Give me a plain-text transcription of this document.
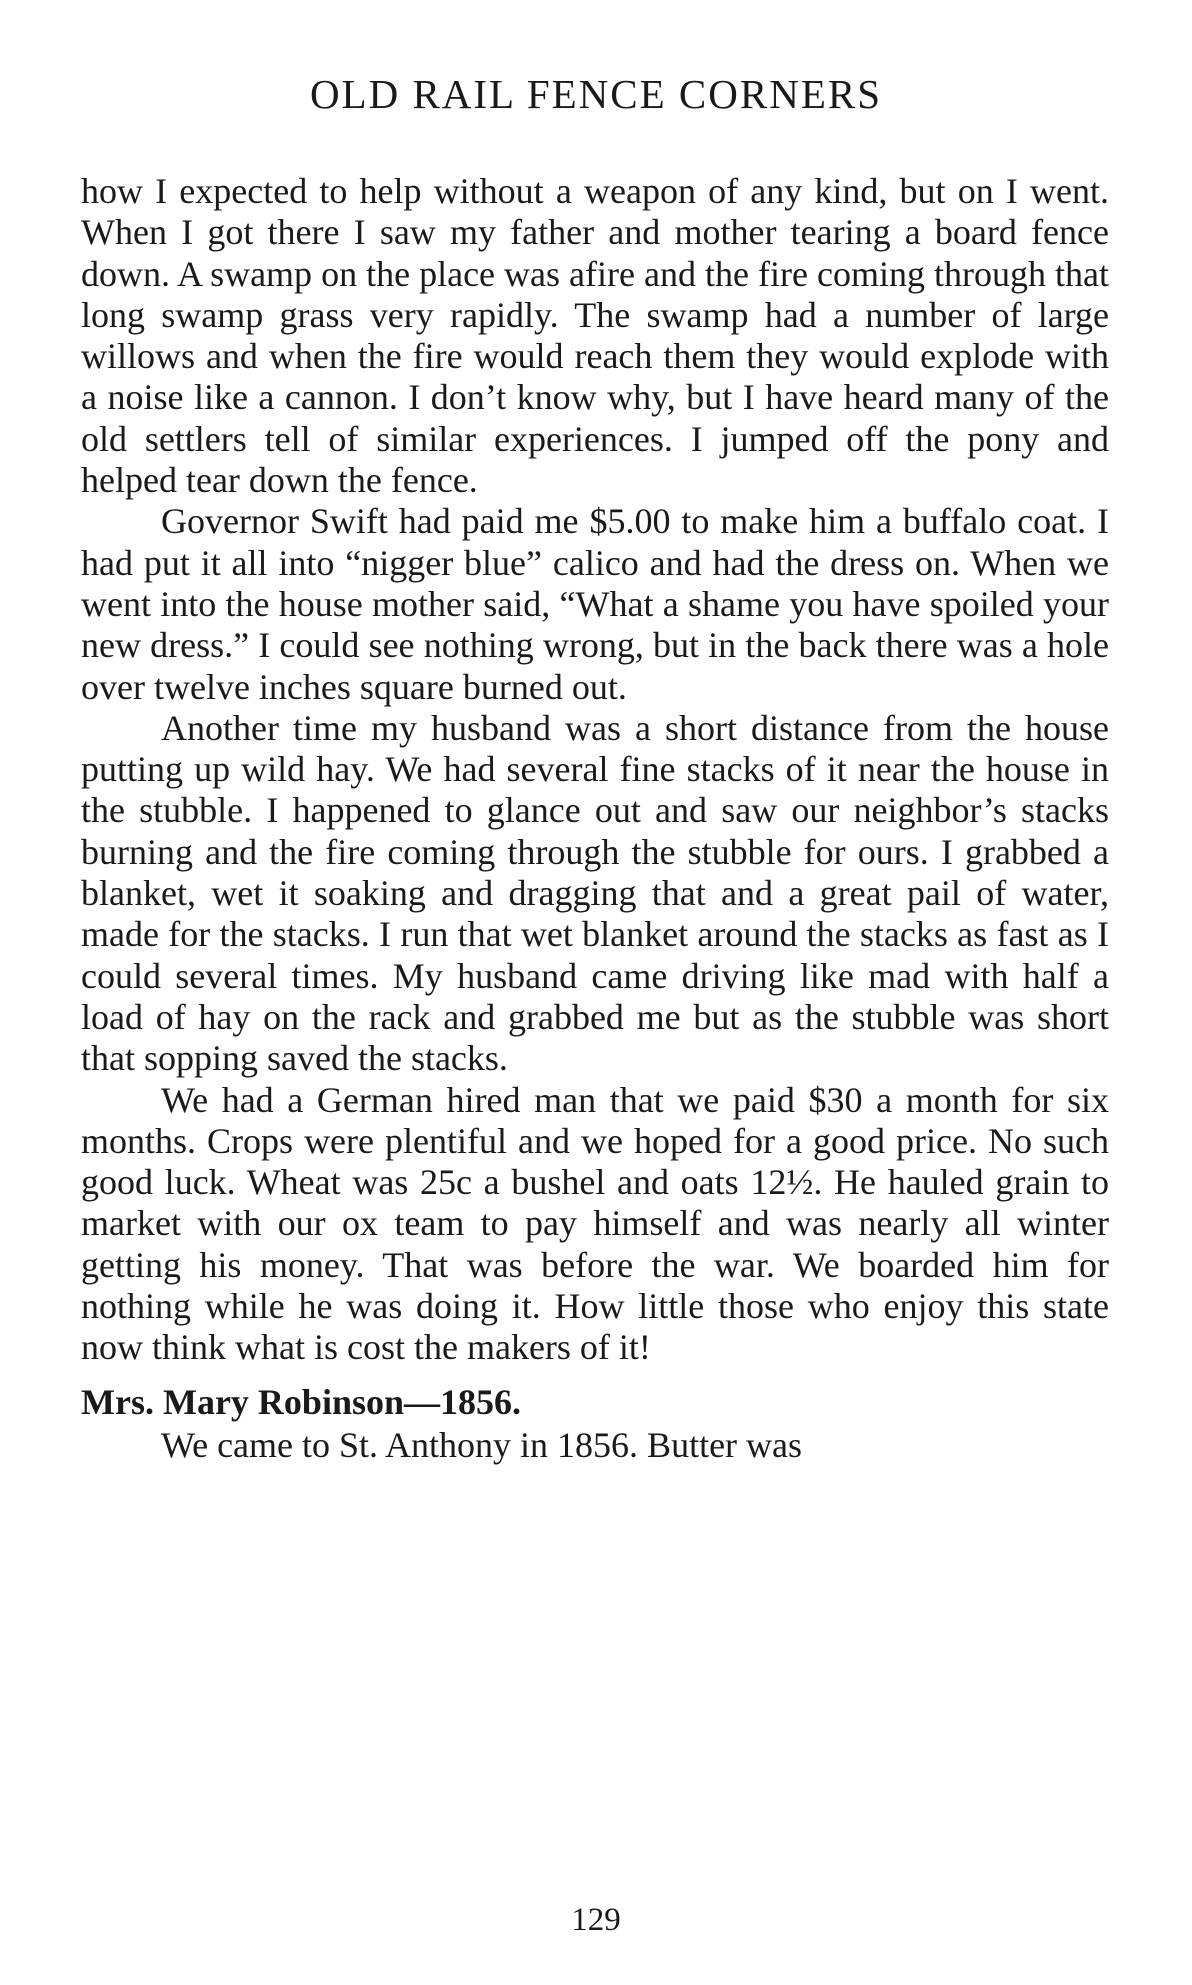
OLD RAIL FENCE CORNERS

how I expected to help without a weapon of any kind, but on I went. When I got there I saw my father and mother tearing a board fence down. A swamp on the place was afire and the fire coming through that long swamp grass very rapidly. The swamp had a number of large willows and when the fire would reach them they would explode with a noise like a cannon. I don’t know why, but I have heard many of the old settlers tell of similar experiences. I jumped off the pony and helped tear down the fence.

Governor Swift had paid me $5.00 to make him a buffalo coat. I had put it all into “nigger blue” calico and had the dress on. When we went into the house mother said, “What a shame you have spoiled your new dress.” I could see nothing wrong, but in the back there was a hole over twelve inches square burned out.

Another time my husband was a short distance from the house putting up wild hay. We had several fine stacks of it near the house in the stubble. I happened to glance out and saw our neighbor’s stacks burning and the fire coming through the stubble for ours. I grabbed a blanket, wet it soaking and dragging that and a great pail of water, made for the stacks. I run that wet blanket around the stacks as fast as I could several times. My husband came driving like mad with half a load of hay on the rack and grabbed me but as the stubble was short that sopping saved the stacks.

We had a German hired man that we paid $30 a month for six months. Crops were plentiful and we hoped for a good price. No such good luck. Wheat was 25c a bushel and oats 12½. He hauled grain to market with our ox team to pay himself and was nearly all winter getting his money. That was before the war. We boarded him for nothing while he was doing it. How little those who enjoy this state now think what is cost the makers of it!

Mrs. Mary Robinson—1856.

We came to St. Anthony in 1856. Butter was

129
